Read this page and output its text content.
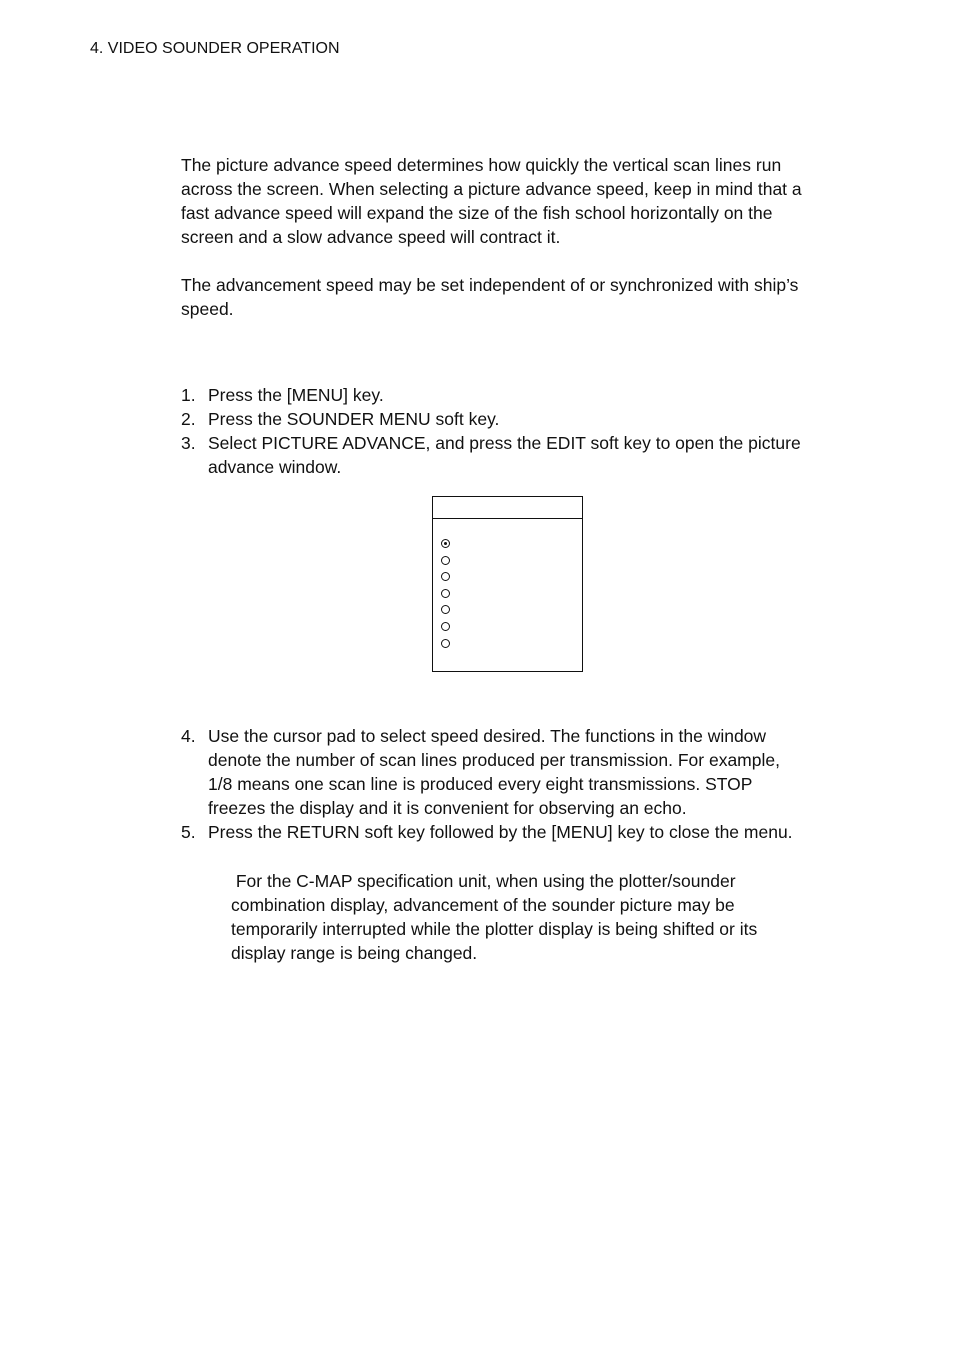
4. VIDEO SOUNDER OPERATION
The picture advance speed determines how quickly the vertical scan lines run
across the screen. When selecting a picture advance speed, keep in mind that a
fast advance speed will expand the size of the fish school horizontally on the
screen and a slow advance speed will contract it.
The advancement speed may be set independent of or synchronized with ship’s
speed.
1. Press the [MENU] key.
2. Press the SOUNDER MENU soft key.
3. Select PICTURE ADVANCE, and press the EDIT soft key to open the picture
advance window.
4. Use the cursor pad to select speed desired. The functions in the window
denote the number of scan lines produced per transmission. For example,
1/8 means one scan line is produced every eight transmissions. STOP
freezes the display and it is convenient for observing an echo.
5. Press the RETURN soft key followed by the [MENU] key to close the menu.
For the C-MAP specification unit, when using the plotter/sounder
combination display, advancement of the sounder picture may be
temporarily interrupted while the plotter display is being shifted or its
display range is being changed.
